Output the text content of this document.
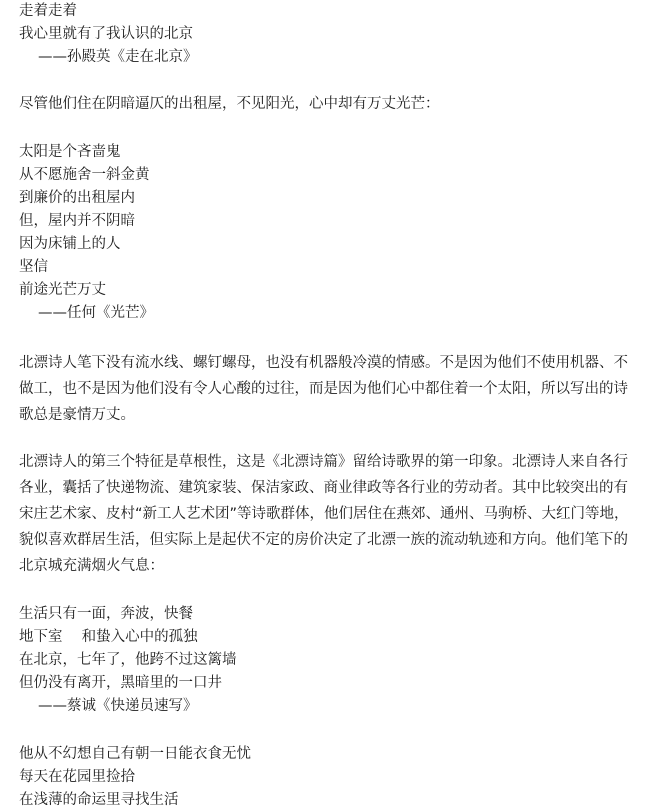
走着走着
我心里就有了我认识的北京
——孙殿英《走在北京》
尽管他们住在阴暗逼仄的出租屋，不见阳光，心中却有万丈光芒：
太阳是个吝啬鬼
从不愿施舍一斜金黄
到廉价的出租屋内
但，屋内并不阴暗
因为床铺上的人
坚信
前途光芒万丈
——任何《光芒》
北漂诗人笔下没有流水线、螺钉螺母，也没有机器般冷漠的情感。不是因为他们不使用机器、不
做工，也不是因为他们没有令人心酸的过往，而是因为他们心中都住着一个太阳，所以写出的诗
歌总是豪情万丈。
北漂诗人的第三个特征是草根性，这是《北漂诗篇》留给诗歌界的第一印象。北漂诗人来自各行
各业，囊括了快递物流、建筑家装、保洁家政、商业律政等各行业的劳动者。其中比较突出的有
宋庄艺术家、皮村“新工人艺术团”等诗歌群体，他们居住在燕郊、通州、马驹桥、大红门等地，
貌似喜欢群居生活，但实际上是起伏不定的房价决定了北漂一族的流动轨迹和方向。他们笔下的
北京城充满烟火气息：
生活只有一面，奔波，快餐
地下室　 和蛰入心中的孤独
在北京，七年了，他跨不过这篱墙
但仍没有离开，黑暗里的一口井
——蔡诚《快递员速写》
他从不幻想自己有朝一日能衣食无忧
每天在花园里捡拾
在浅薄的命运里寻找生活
